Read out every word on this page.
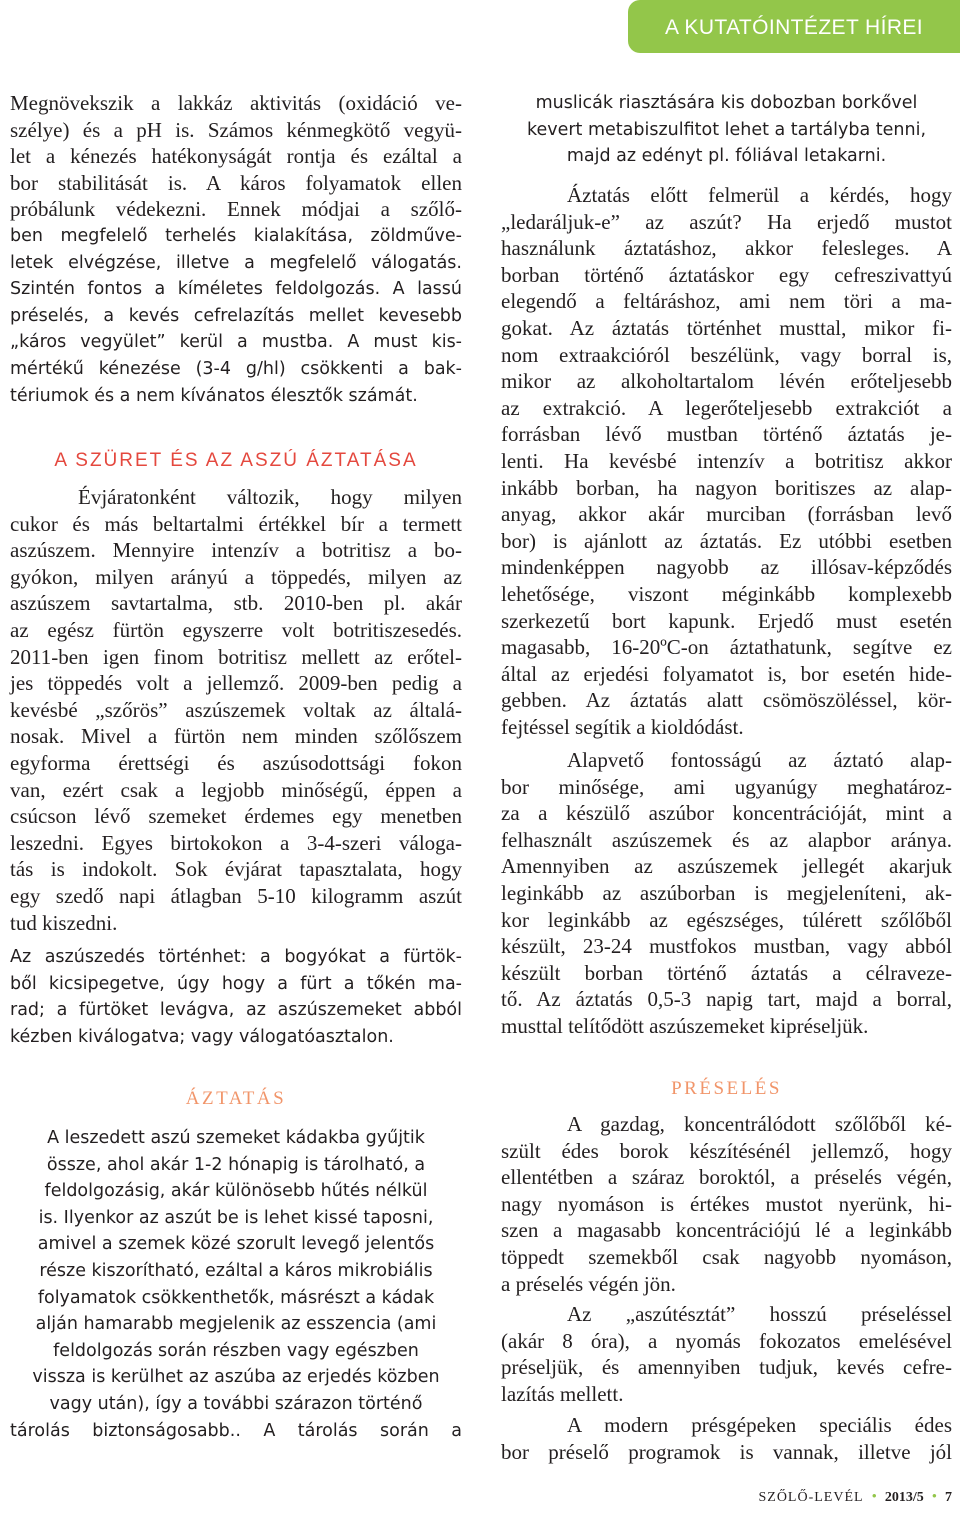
A KUTATÓINTÉZET HÍREI
Megnövekszik a lakkáz aktivitás (oxidáció ve-
szélye) és a pH is. Számos kénmegkötő vegyü-
let a kénezés hatékonyságát rontja és ezáltal a
bor stabilitását is. A káros folyamatok ellen
próbálunk védekezni. Ennek módjai a szőlő-
ben megfelelő terhelés kialakítása, zöldműve-
letek elvégzése, illetve a megfelelő válogatás.
Szintén fontos a kíméletes feldolgozás. A lassú
préselés, a kevés cefrelazítás mellet kevesebb
„káros vegyület” kerül a mustba. A must kis-
mértékű kénezése (3-4 g/hl) csökkenti a bak-
tériumok és a nem kívánatos élesztők számát.
A SZÜRET ÉS AZ ASZÚ ÁZTATÁSA
Évjáratonként változik, hogy milyen
cukor és más beltartalmi értékkel bír a termett
aszúszem. Mennyire intenzív a botritisz a bo-
gyókon, milyen arányú a töppedés, milyen az
aszúszem savtartalma, stb. 2010-ben pl. akár
az egész fürtön egyszerre volt botritiszesedés.
2011-ben igen finom botritisz mellett az erőtel-
jes töppedés volt a jellemző. 2009-ben pedig a
kevésbé „szőrös” aszúszemek voltak az általá-
nosak. Mivel a fürtön nem minden szőlőszem
egyforma érettségi és aszúsodottsági fokon
van, ezért csak a legjobb minőségű, éppen a
csúcson lévő szemeket érdemes egy menetben
leszedni. Egyes birtokokon a 3-4-szeri váloga-
tás is indokolt. Sok évjárat tapasztalata, hogy
egy szedő napi átlagban 5-10 kilogramm aszút
tud kiszedni.
Az aszúszedés történhet: a bogyókat a fürtök-
ből kicsipegetve, úgy hogy a fürt a tőkén ma-
rad; a fürtöket levágva, az aszúszemeket abból
kézben kiválogatva; vagy válogatóasztalon.
ÁZTATÁS
A leszedett aszú szemeket kádakba gyűjtik
össze, ahol akár 1-2 hónapig is tárolható, a
feldolgozásig, akár különösebb hűtés nélkül
is. Ilyenkor az aszút be is lehet kissé taposni,
amivel a szemek közé szorult levegő jelentős
része kiszorítható, ezáltal a káros mikrobiális
folyamatok csökkenthetők, másrészt a kádak
alján hamarabb megjelenik az esszencia (ami
feldolgozás során részben vagy egészben
vissza is kerülhet az aszúba az erjedés közben
vagy után), így a további szárazon történő
tárolás biztonságosabb.. A tárolás során a
muslicák riasztására kis dobozban borkővel
kevert metabiszulfitot lehet a tartályba tenni,
majd az edényt pl. fóliával letakarni.
Áztatás előtt felmerül a kérdés, hogy
„ledaráljuk-e” az aszút? Ha erjedő mustot
használunk áztatáshoz, akkor felesleges. A
borban történő áztatáskor egy cefreszivattyú
elegendő a feltáráshoz, ami nem töri a ma-
gokat. Az áztatás történhet musttal, mikor fi-
nom extraakcióról beszélünk, vagy borral is,
mikor az alkoholtartalom lévén erőteljesebb
az extrakció. A legerőteljesebb extrakciót a
forrásban lévő mustban történő áztatás je-
lenti. Ha kevésbé intenzív a botritisz akkor
inkább borban, ha nagyon boritiszes az alap-
anyag, akkor akár murciban (forrásban levő
bor) is ajánlott az áztatás. Ez utóbbi esetben
mindenképpen nagyobb az illósav-képződés
lehetősége, viszont méginkább komplexebb
szerkezetű bort kapunk. Erjedő must esetén
magasabb, 16-20ºC-on áztathatunk, segítve ez
által az erjedési folyamatot is, bor esetén hide-
gebben. Az áztatás alatt csömöszöléssel, kör-
fejtéssel segítik a kioldódást.
Alapvető fontosságú az áztató alap-
bor minősége, ami ugyanúgy meghatároz-
za a készülő aszúbor koncentrációját, mint a
felhasznált aszúszemek és az alapbor aránya.
Amennyiben az aszúszemek jellegét akarjuk
leginkább az aszúborban is megjeleníteni, ak-
kor leginkább az egészséges, túlérett szőlőből
készült, 23-24 mustfokos mustban, vagy abból
készült borban történő áztatás a célraveze-
tő. Az áztatás 0,5-3 napig tart, majd a borral,
musttal telítődött aszúszemeket kipréseljük.
PRÉSELÉS
A gazdag, koncentrálódott szőlőből ké-
szült édes borok készítésénél jellemző, hogy
ellentétben a száraz boroktól, a préselés végén,
nagy nyomáson is értékes mustot nyerünk, hi-
szen a magasabb koncentrációjú lé a leginkább
töppedt szemekből csak nagyobb nyomáson,
a préselés végén jön.
Az „aszútésztát” hosszú préseléssel
(akár 8 óra), a nyomás fokozatos emelésével
préseljük, és amennyiben tudjuk, kevés cefre-
lazítás mellett.
A modern présgépeken speciális édes
bor préselő programok is vannak, illetve jól
SZŐLŐ-LEVÉL • 2013/5 • 7
